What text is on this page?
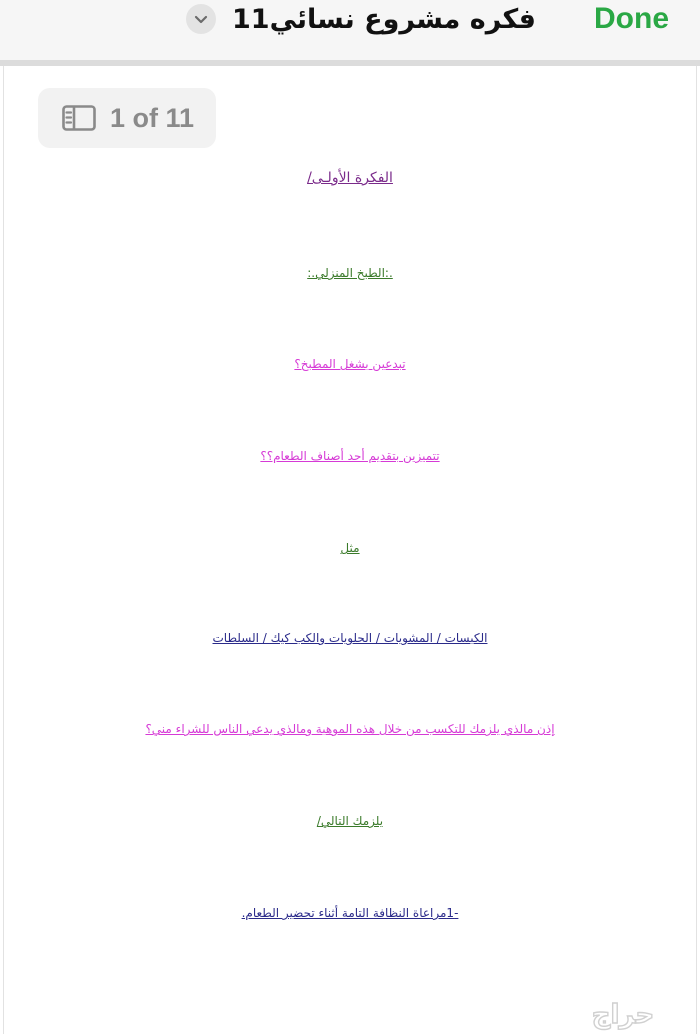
فكره مشروع نسائي11 Done
1 of 11
الفكرة الأولـى/
.:الطبخ المنزلي.:
تبدعين بشغل المطبخ؟
تتميزين بتقديم أحد أصناف الطعام؟؟
مثل
الكبسات / المشويات / الحلويات والكب كيك / السلطات
إذن مالذي يلزمك للتكسب من خلال هذه الموهبة ومالذي يدعي الناس للشراء مني؟
يلزمك التالي/
-1مراعاة النظافة التامة أثناء تحضير الطعام.
حراج
